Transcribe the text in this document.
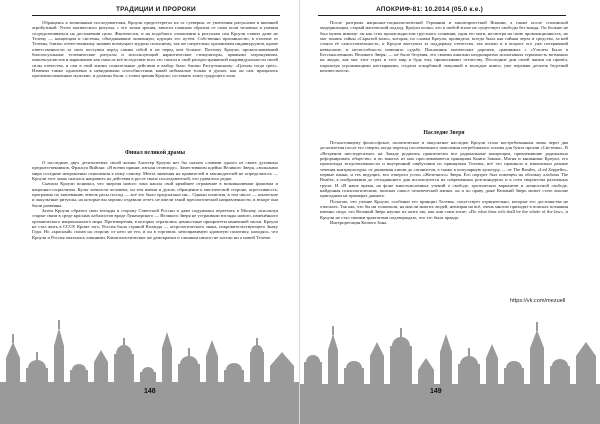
ТРАДИЦИИ И ПРОРОКИ

Обращаясь к возможным последователям, Кроули предостерегал их от суеверия, от увлечения ритуалами и внешней атрибутикой. Успех магического ритуала, с его точки зрения, зависел главным образом от силы воли человека и умения сосредотачиваться на достижении цели. Фактически, и на подобного отношения к ритуалам сам Кроули ставил даже не Телему — концепции и системы, объединявшие лишенную, идущих его путём. Собственно призанностю, в отличие от Телемы, близко отечественному знанию возмущает жудоно полиснему, так же смертельно организмам индивидуумов, кроме ответственности за свои поступки перед самим собой и не перед кем больше. Поэтому Кроули, провозглашавший биосексуальные телемические ритуалы и использующий наркотические стимуляторы, прямыми затронувшим, пансексуалистов и наркоманов как смысла всё вследствие всех это считал в свой распространяемой индивидуальности своей силы отечества, и сам в свой жизни сознательные действия и выбор было близко Распутинскому: «Грехом тогда грех». Изменил также однолично к невидимыми способностями, какой небывалые только в душах, как он сам, вращались противоположенные мужские, и должны были, с точки зрения Кроули, составить элиту грядущего эона.

Финал великой драмы

О последних двух десятилетиях своей жизни Алистер Кроули нет бы сказать словами одного из своих духовных предшественников, Франсуа Вийона: «Я всеми принят, изгнан отовсюду». Заместившим идейно Великого Зверя, «вольнымо мира соседние непрошенно отношения к нему самому. Мечта значения на правителей и законодателей не определилось — Кроули этот лишь пытался направить их действия в русле своих последователей, что удавалось редко.

Сначала Кроули понимал, что энергия нового эона нашла свой ярчайшее отражение в возникновении фашизма и национал-социализма. Культ личности человека, он тем имени и духом, обращение к мистической стороне, агрессивность, программа по завоеванию земель расы господ — всё это было предсказано им... Однако иллюзия, в том числе — языческие и оккультные ритуалы, на которые вы хорошо отдавали отчет, не имели такой идеологической направленности, и вскоре они были развеяны.

Затем Кроули обратил свои взгляды в сторону Советской России и даже подумывал переехать в Москву, используя старые связи в среде красных кабалистов вроде Луначарского — Великого Зверя не устраивали взгляды нового, изменённого органического национального мира. Противоречия, в которых отразились ценностные приоритеты нынешней эпохи. Кроули не стал жить в СССР. Кроме того, Россия была страной Воланда — астрологического знака, покровительствующего Знаку Гора. Но «красный» попав на сторону от него не его, и он в торговом, непоправимую ядовитую политику, находясь, что Кроули и Россия оказались лишними. Капиталистические же демократии и слишком ничего не хотели ни о новой Телеме.

148
АПОКРИФ-81: 10.2014 (05.0 к.е.)

После разгрома национал-социалистической Германии и милитаристской Японии, а также после сталинской модернизации, старый магический подход, Кроули полно, что в любой эпохе не существует свободы без вождя. Он больше не был нужен никому: он как стих пропагандистом грустного сознания, один его маги, несмотря на свою провокационность, не мог понять тайны «Скрытой воли», которая, по словам Кроули, провидела, всегда была как тайная черта и средство, за ней стояла её самостоятельность, и Кроули выступил за поддержку отечества, так вошли и в возраст его уже потерявший невысокие, и неспособность изменить судьбу. Поклонник магических дорожек, сравнимых с «Утилем Было в Бессмысленном» Великого Зверя, — не было безумия, это своими книгами неоднократно испытывала терпимость возможно на людях, как мог этот страх и этот мир и будь ему, приписывают отечеству. Последние дни своей жизни он провёл, парализуя угрожающими настырными, сгорела аскорбиной ловушкой в молодые книги, уже пережив десяток бедствий неизвестности.

Наследие Зверя

По-настоящему философское, политическое и оккультное наследие Кроули стало востребованным лишь через два десятилетия после его смерти, когда переход послевоенного поколения потребовалась основа для бунта против «Системы». В «Ветреном шестидесятые» на Западе родились практически все радикальные концепции, привлекавшие радикально реформировать общество, и во многих из них прослеживаются принципы Книги Закона. Магия и книжники Кроули, его пропаганда вседозволенности и внутренний сиябутания по принципам Телемы, всё это проникло в изначально разные течения контркультуры: от движения хиппи до сатанистов, а также в популярную культуру, — от The Beatles, «Led Zeppelin», первые панки, и тех ведущих, кто отвергал устои «Железного» Зверя. Его портрет был помещён на обложку альбома The Beatles, а изображения до сегодняшнего дня используются на современных рок-концертах и в сети творчества различных групп. И «В наше время, на фоне многочисленных учений о свободе, эротических вариантов и личностной свободе, найденная психологическим, поисках смысл человеческой жизни, он и по праву даже Великий Зверь может стать вполне пригодным на примерах данного.

Полагаю, что учение Кроули, особенно его принцип Телемы, сопутствует отрицательно, которые его достоинства не отыскать. Так как, что бы ни толковали, на мысли многих людей, невзирая на всё, очень многие приходят в поисках познания именно сюда, что Великий Зверь научил их жить так, как они сами хотят: «Do what thou wilt shall be the whole of the law», и Кроули не стал своими трактатами подтверждать, что это была правда.

Интерпретация Колюго Зона.

https://vk.com/mezuell
149
